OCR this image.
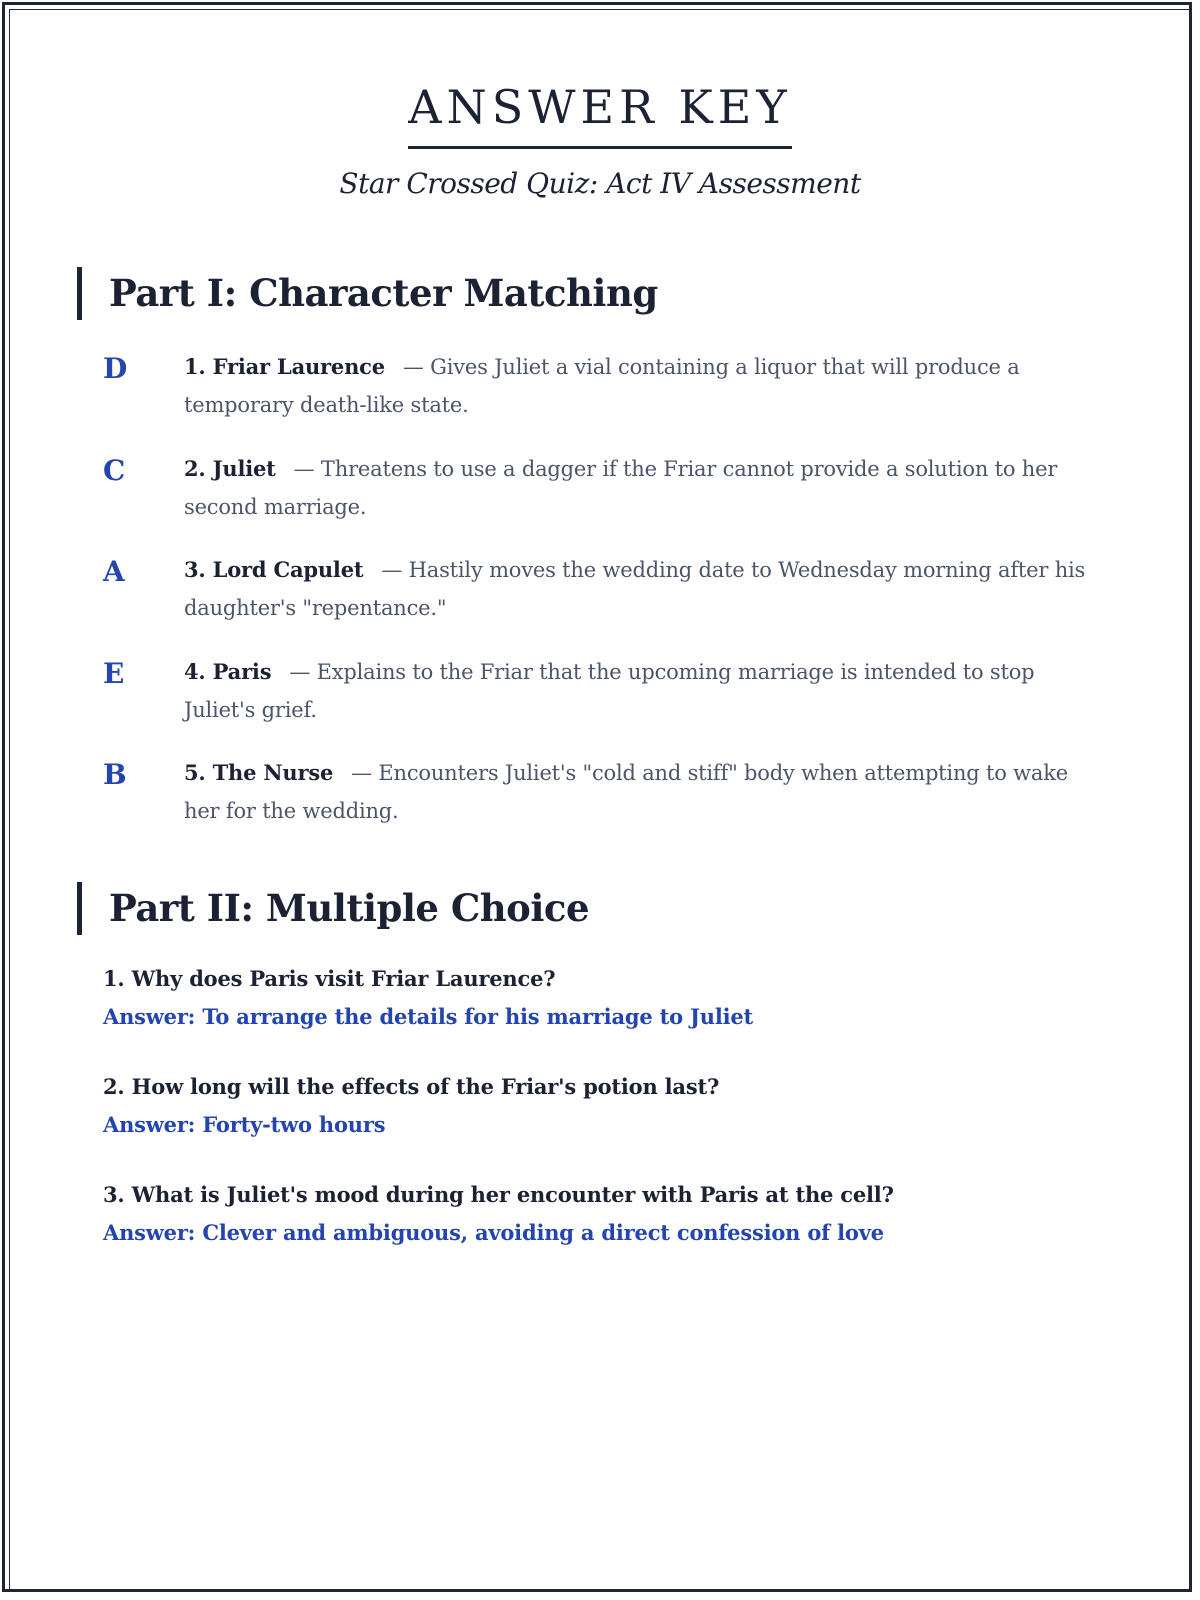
ANSWER KEY
Star Crossed Quiz: Act IV Assessment
Part I: Character Matching
D	1. Friar Laurence — Gives Juliet a vial containing a liquor that will produce a temporary death-like state.
C	2. Juliet — Threatens to use a dagger if the Friar cannot provide a solution to her second marriage.
A	3. Lord Capulet — Hastily moves the wedding date to Wednesday morning after his daughter's "repentance."
E	4. Paris — Explains to the Friar that the upcoming marriage is intended to stop Juliet's grief.
B	5. The Nurse — Encounters Juliet's "cold and stiff" body when attempting to wake her for the wedding.
Part II: Multiple Choice
1. Why does Paris visit Friar Laurence?
Answer: To arrange the details for his marriage to Juliet
2. How long will the effects of the Friar's potion last?
Answer: Forty-two hours
3. What is Juliet's mood during her encounter with Paris at the cell?
Answer: Clever and ambiguous, avoiding a direct confession of love
